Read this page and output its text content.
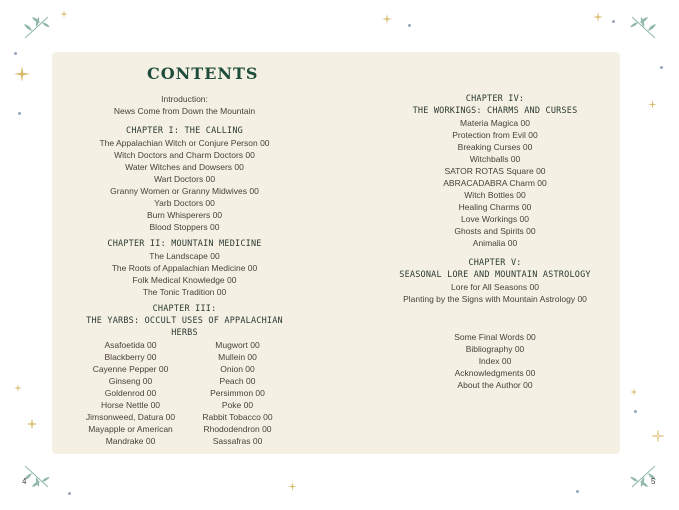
CONTENTS
Introduction:
News Come from Down the Mountain
CHAPTER I: THE CALLING
The Appalachian Witch or Conjure Person 00
Witch Doctors and Charm Doctors 00
Water Witches and Dowsers 00
Wart Doctors 00
Granny Women or Granny Midwives 00
Yarb Doctors 00
Burn Whisperers 00
Blood Stoppers 00
CHAPTER II: MOUNTAIN MEDICINE
The Landscape 00
The Roots of Appalachian Medicine 00
Folk Medical Knowledge 00
The Tonic Tradition 00
CHAPTER III:
THE YARBS: OCCULT USES OF APPALACHIAN HERBS
Asafoetida 00
Blackberry 00
Cayenne Pepper 00
Ginseng 00
Goldenrod 00
Horse Nettle 00
Jimsonweed, Datura 00
Mayapple or American
Mandrake 00
Mugwort 00
Mullein 00
Onion 00
Peach 00
Persimmon 00
Poke 00
Rabbit Tobacco 00
Rhododendron 00
Sassafras 00
CHAPTER IV:
THE WORKINGS: CHARMS AND CURSES
Materia Magica 00
Protection from Evil 00
Breaking Curses 00
Witchballs 00
SATOR ROTAS Square 00
ABRACADABRA Charm 00
Witch Bottles 00
Healing Charms 00
Love Workings 00
Ghosts and Spirits 00
Animalia 00
CHAPTER V:
SEASONAL LORE AND MOUNTAIN ASTROLOGY
Lore for All Seasons 00
Planting by the Signs with Mountain Astrology 00
Some Final Words 00
Bibliography 00
Index 00
Acknowledgments 00
About the Author 00
4	5
